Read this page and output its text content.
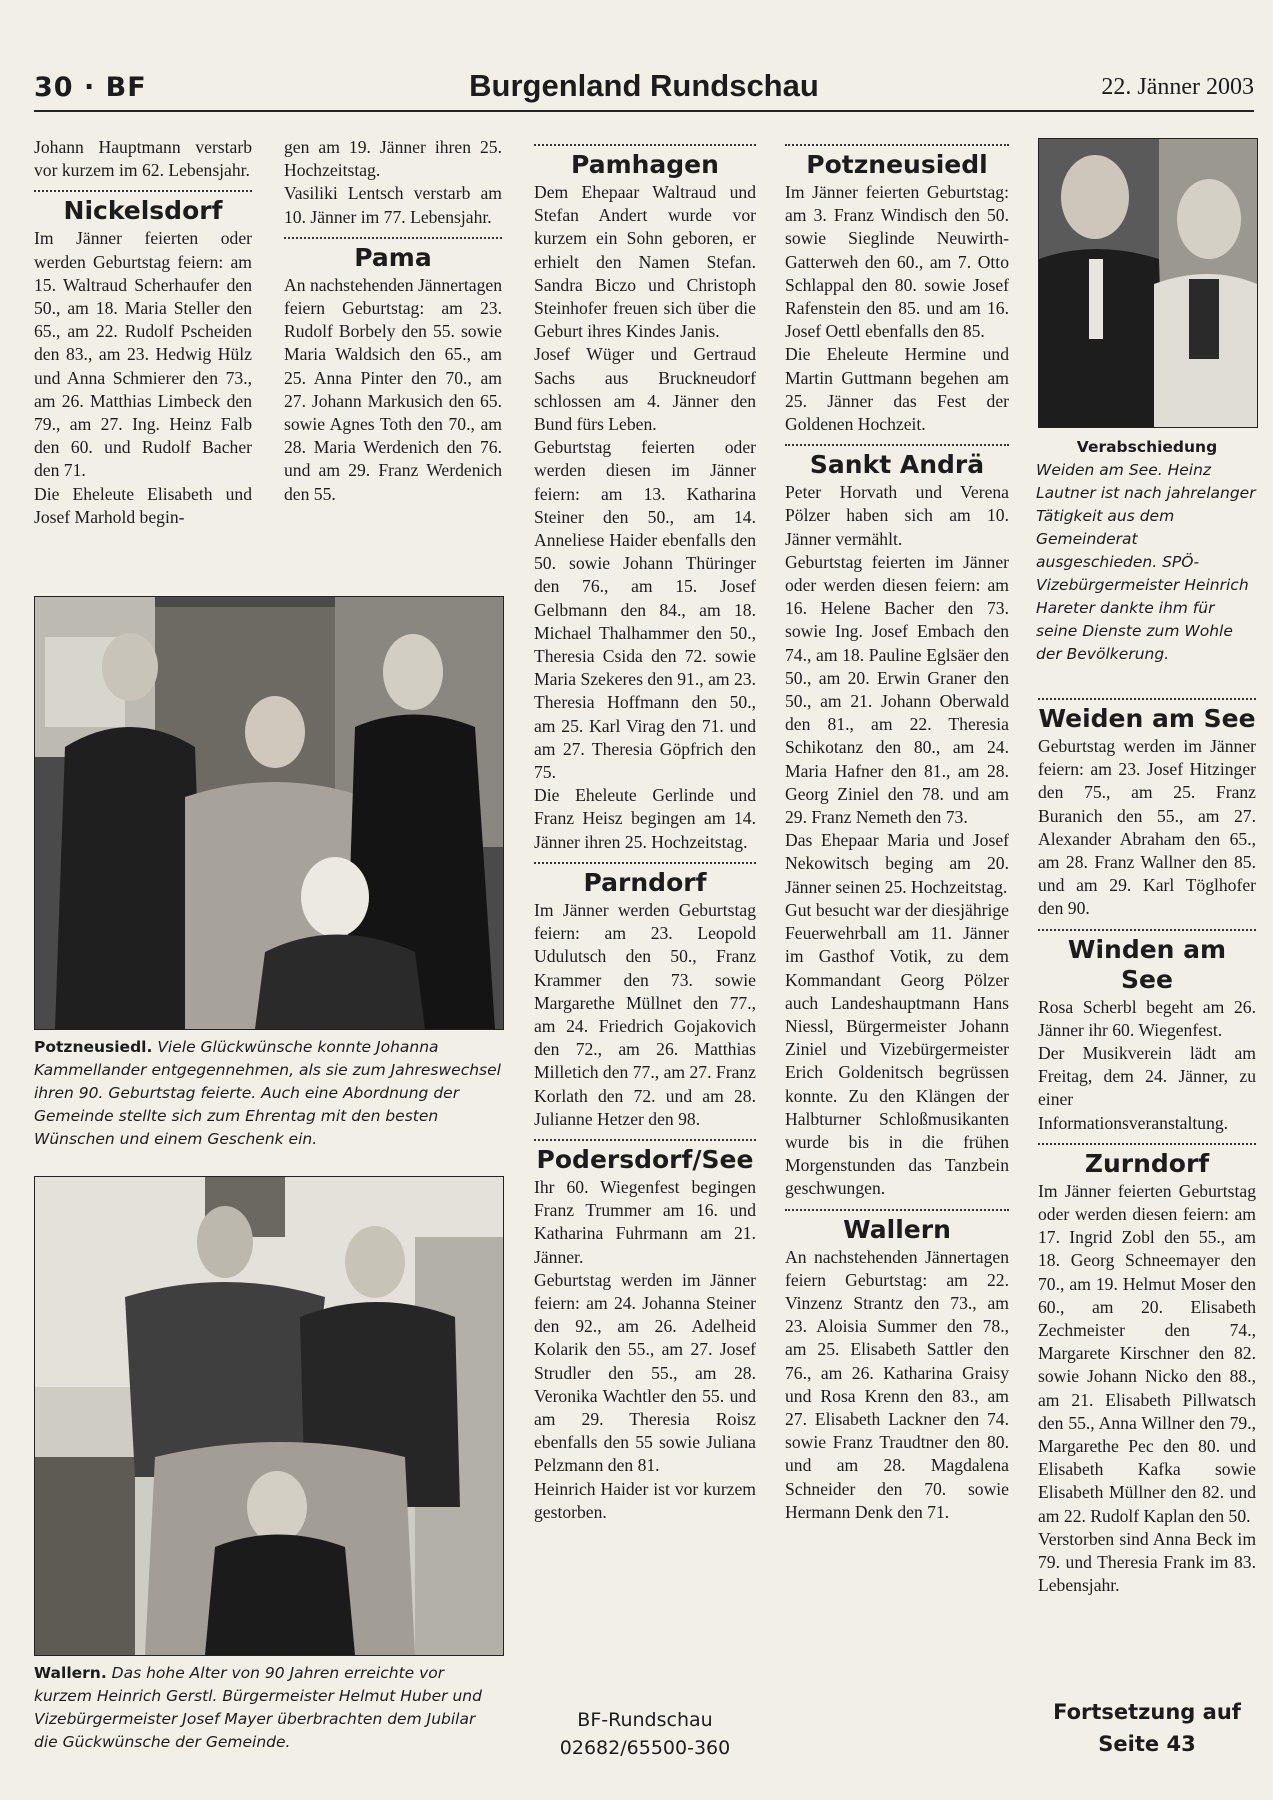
30 · BF	Burgenland Rundschau	22. Jänner 2003

Johann Hauptmann verstarb vor kurzem im 62. Lebensjahr.

Nickelsdorf

Im Jänner feierten oder werden Geburtstag feiern: am 15. Waltraud Scherhaufer den 50., am 18. Maria Steller den 65., am 22. Rudolf Pscheiden den 83., am 23. Hedwig Hülz und Anna Schmierer den 73., am 26. Matthias Limbeck den 79., am 27. Ing. Heinz Falb den 60. und Rudolf Bacher den 71.

Die Eheleute Elisabeth und Josef Marhold begin-

gen am 19. Jänner ihren 25. Hochzeitstag.

Vasiliki Lentsch verstarb am 10. Jänner im 77. Lebensjahr.

Pama

An nachstehenden Jännertagen feiern Geburtstag: am 23. Rudolf Borbely den 55. sowie Maria Waldsich den 65., am 25. Anna Pinter den 70., am 27. Johann Markusich den 65. sowie Agnes Toth den 70., am 28. Maria Werdenich den 76. und am 29. Franz Werdenich den 55.

Potzneusiedl. Viele Glückwünsche konnte Johanna Kammellander entgegennehmen, als sie zum Jahreswechsel ihren 90. Geburtstag feierte. Auch eine Abordnung der Gemeinde stellte sich zum Ehrentag mit den besten Wünschen und einem Geschenk ein.
Wallern. Das hohe Alter von 90 Jahren erreichte vor kurzem Heinrich Gerstl. Bürgermeister Helmut Huber und Vizebürgermeister Josef Mayer überbrachten dem Jubilar die Gückwünsche der Gemeinde.
Pamhagen

Dem Ehepaar Waltraud und Stefan Andert wurde vor kurzem ein Sohn geboren, er erhielt den Namen Stefan. Sandra Biczo und Christoph Steinhofer freuen sich über die Geburt ihres Kindes Janis.

Josef Wüger und Gertraud Sachs aus Bruckneudorf schlossen am 4. Jänner den Bund fürs Leben.

Geburtstag feierten oder werden diesen im Jänner feiern: am 13. Katharina Steiner den 50., am 14. Anneliese Haider ebenfalls den 50. sowie Johann Thüringer den 76., am 15. Josef Gelbmann den 84., am 18. Michael Thalhammer den 50., Theresia Csida den 72. sowie Maria Szekeres den 91., am 23. Theresia Hoffmann den 50., am 25. Karl Virag den 71. und am 27. Theresia Göpfrich den 75.

Die Eheleute Gerlinde und Franz Heisz begingen am 14. Jänner ihren 25. Hochzeitstag.

Parndorf

Im Jänner werden Geburtstag feiern: am 23. Leopold Udulutsch den 50., Franz Krammer den 73. sowie Margarethe Müllnet den 77., am 24. Friedrich Gojakovich den 72., am 26. Matthias Milletich den 77., am 27. Franz Korlath den 72. und am 28. Julianne Hetzer den 98.

Podersdorf/See

Ihr 60. Wiegenfest begingen Franz Trummer am 16. und Katharina Fuhrmann am 21. Jänner.

Geburtstag werden im Jänner feiern: am 24. Johanna Steiner den 92., am 26. Adelheid Kolarik den 55., am 27. Josef Strudler den 55., am 28. Veronika Wachtler den 55. und am 29. Theresia Roisz ebenfalls den 55 sowie Juliana Pelzmann den 81.

Heinrich Haider ist vor kurzem gestorben.

BF-Rundschau
02682/65500-360
Potzneusiedl

Im Jänner feierten Geburtstag: am 3. Franz Windisch den 50. sowie Sieglinde Neuwirth-Gatterweh den 60., am 7. Otto Schlappal den 80. sowie Josef Rafenstein den 85. und am 16. Josef Oettl ebenfalls den 85.

Die Eheleute Hermine und Martin Guttmann begehen am 25. Jänner das Fest der Goldenen Hochzeit.

Sankt Andrä

Peter Horvath und Verena Pölzer haben sich am 10. Jänner vermählt.

Geburtstag feierten im Jänner oder werden diesen feiern: am 16. Helene Bacher den 73. sowie Ing. Josef Embach den 74., am 18. Pauline Eglsäer den 50., am 20. Erwin Graner den 50., am 21. Johann Oberwald den 81., am 22. Theresia Schikotanz den 80., am 24. Maria Hafner den 81., am 28. Georg Ziniel den 78. und am 29. Franz Nemeth den 73.

Das Ehepaar Maria und Josef Nekowitsch beging am 20. Jänner seinen 25. Hochzeitstag.

Gut besucht war der diesjährige Feuerwehrball am 11. Jänner im Gasthof Votik, zu dem Kommandant Georg Pölzer auch Landeshauptmann Hans Niessl, Bürgermeister Johann Ziniel und Vizebürgermeister Erich Goldenitsch begrüssen konnte. Zu den Klängen der Halbturner Schloßmusikanten wurde bis in die frühen Morgenstunden das Tanzbein geschwungen.

Wallern

An nachstehenden Jännertagen feiern Geburtstag: am 22. Vinzenz Strantz den 73., am 23. Aloisia Summer den 78., am 25. Elisabeth Sattler den 76., am 26. Katharina Graisy und Rosa Krenn den 83., am 27. Elisabeth Lackner den 74. sowie Franz Traudtner den 80. und am 28. Magdalena Schneider den 70. sowie Hermann Denk den 71.

Verabschiedung
Weiden am See. Heinz Lautner ist nach jahrelanger Tätigkeit aus dem Gemeinderat ausgeschieden. SPÖ-Vizebürgermeister Heinrich Hareter dankte ihm für seine Dienste zum Wohle der Bevölkerung.
Weiden am See

Geburtstag werden im Jänner feiern: am 23. Josef Hitzinger den 75., am 25. Franz Buranich den 55., am 27. Alexander Abraham den 65., am 28. Franz Wallner den 85. und am 29. Karl Töglhofer den 90.

Winden am See

Rosa Scherbl begeht am 26. Jänner ihr 60. Wiegenfest.

Der Musikverein lädt am Freitag, dem 24. Jänner, zu einer Informationsveranstaltung.

Zurndorf

Im Jänner feierten Geburtstag oder werden diesen feiern: am 17. Ingrid Zobl den 55., am 18. Georg Schneemayer den 70., am 19. Helmut Moser den 60., am 20. Elisabeth Zechmeister den 74., Margarete Kirschner den 82. sowie Johann Nicko den 88., am 21. Elisabeth Pillwatsch den 55., Anna Willner den 79., Margarethe Pec den 80. und Elisabeth Kafka sowie Elisabeth Müllner den 82. und am 22. Rudolf Kaplan den 50.

Verstorben sind Anna Beck im 79. und Theresia Frank im 83. Lebensjahr.

Fortsetzung auf
Seite 43
